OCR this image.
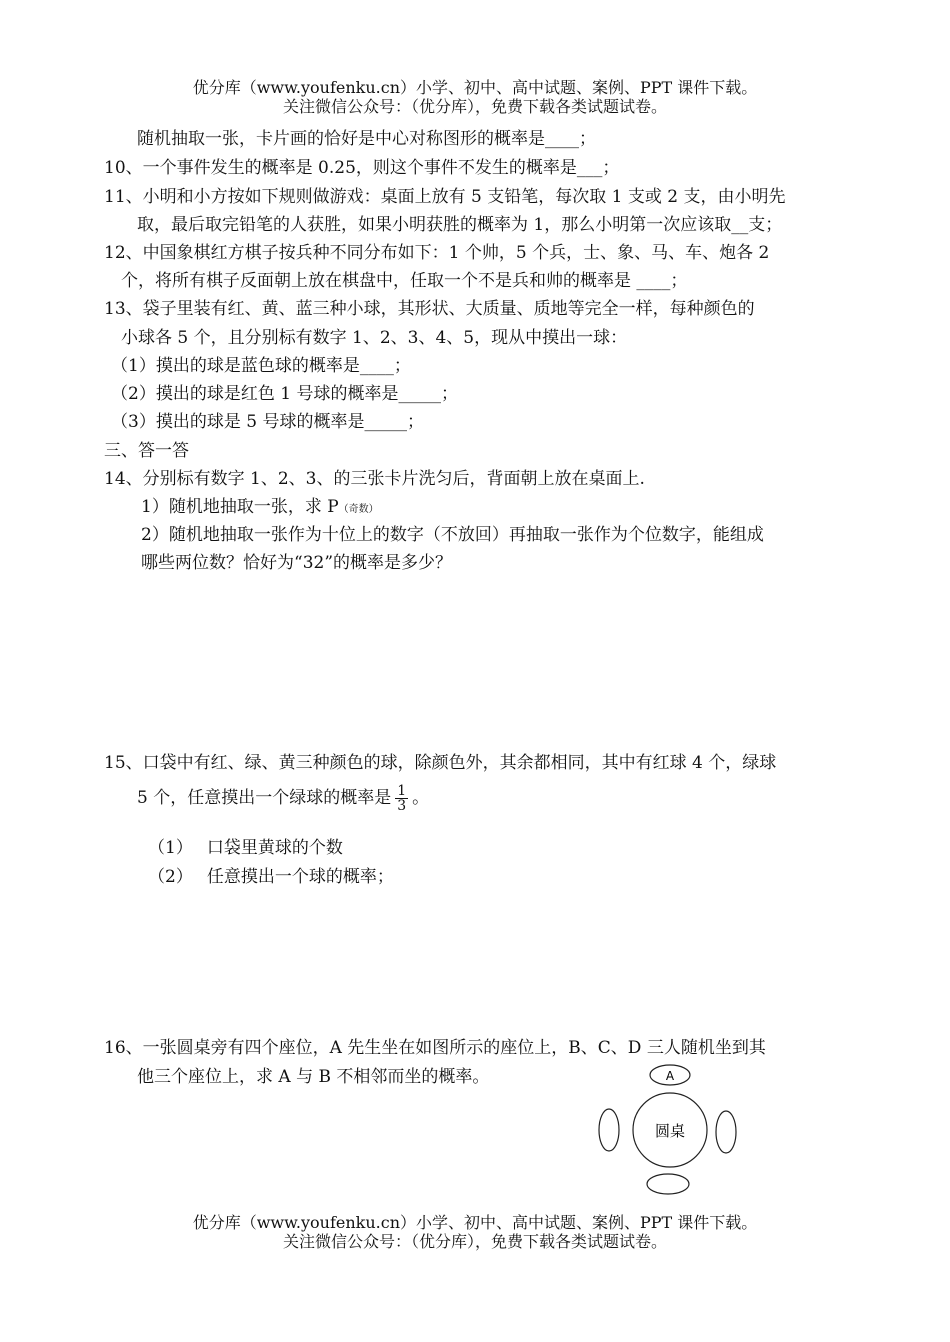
优分库（www.youfenku.cn）小学、初中、高中试题、案例、PPT 课件下载。
关注微信公众号：（优分库），免费下载各类试题试卷。
随机抽取一张，卡片画的恰好是中心对称图形的概率是____；
10、一个事件发生的概率是 0.25，则这个事件不发生的概率是___；
11、小明和小方按如下规则做游戏：桌面上放有 5 支铅笔，每次取 1 支或 2 支，由小明先
取，最后取完铅笔的人获胜，如果小明获胜的概率为 1，那么小明第一次应该取__支；
12、中国象棋红方棋子按兵种不同分布如下：1 个帅，5 个兵，士、象、马、车、炮各 2
个，将所有棋子反面朝上放在棋盘中，任取一个不是兵和帅的概率是 ____；
13、袋子里装有红、黄、蓝三种小球，其形状、大质量、质地等完全一样，每种颜色的
小球各 5 个，且分别标有数字 1、2、3、4、5，现从中摸出一球：
（1）摸出的球是蓝色球的概率是____；
（2）摸出的球是红色 1 号球的概率是_____；
（3）摸出的球是 5 号球的概率是_____；
三、答一答
14、分别标有数字 1、2、3、的三张卡片洗匀后，背面朝上放在桌面上.
1）随机地抽取一张，求 P（奇数）
2）随机地抽取一张作为十位上的数字（不放回）再抽取一张作为个位数字，能组成
哪些两位数？恰好为“32”的概率是多少？
15、口袋中有红、绿、黄三种颜色的球，除颜色外，其余都相同，其中有红球 4 个，绿球
5 个，任意摸出一个绿球的概率是 $\frac{1}{3}$ 。
（1） 口袋里黄球的个数
（2） 任意摸出一个球的概率；
16、一张圆桌旁有四个座位，A 先生坐在如图所示的座位上，B、C、D 三人随机坐到其
他三个座位上，求 A 与 B 不相邻而坐的概率。	A
圆桌
优分库（www.youfenku.cn）小学、初中、高中试题、案例、PPT 课件下载。
关注微信公众号：（优分库），免费下载各类试题试卷。
